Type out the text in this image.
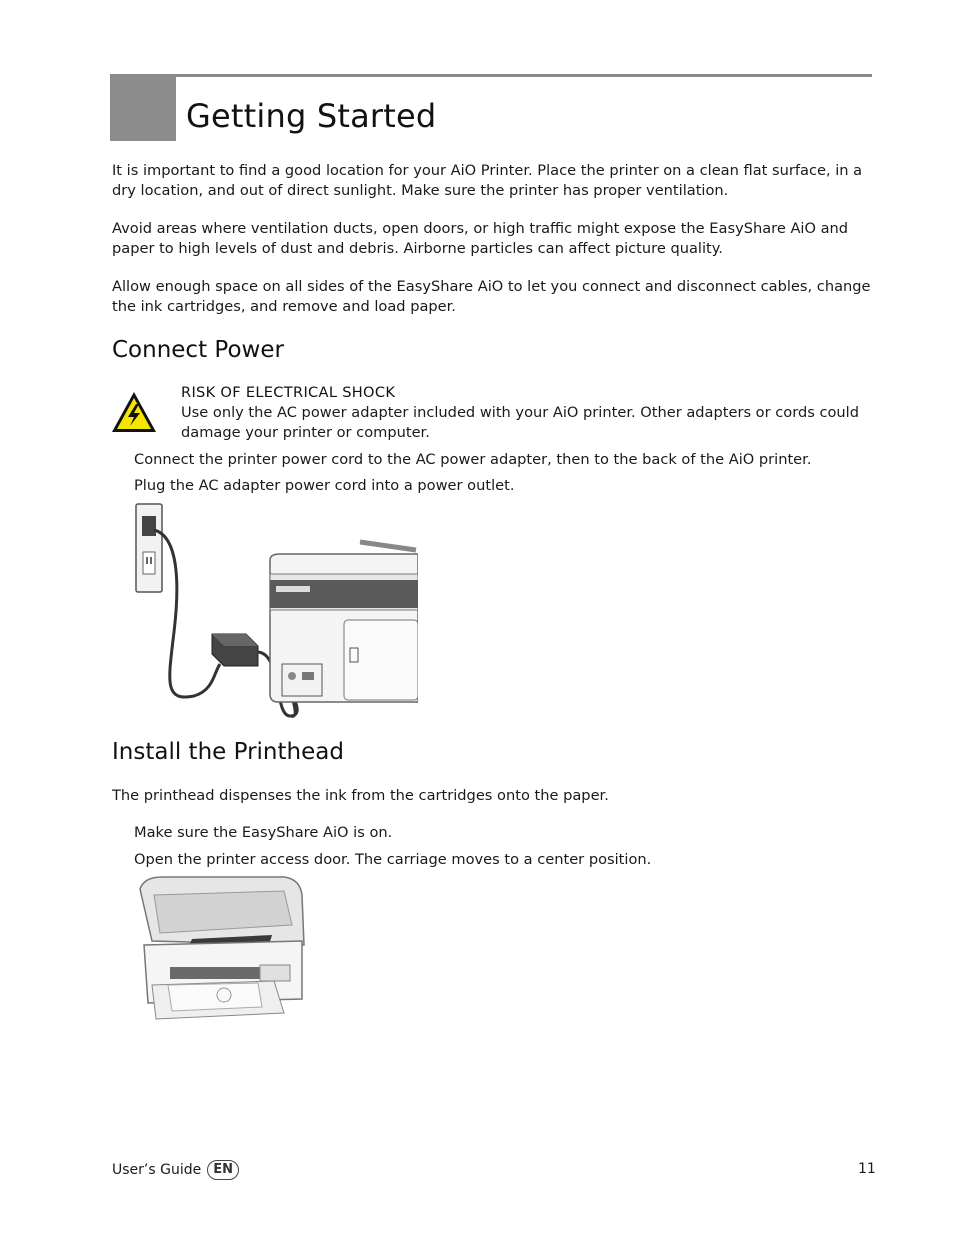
Getting Started
It is important to find a good location for your AiO Printer. Place the printer on a clean flat surface, in a dry location, and out of direct sunlight. Make sure the printer has proper ventilation.
Avoid areas where ventilation ducts, open doors, or high traffic might expose the EasyShare AiO and paper to high levels of dust and debris. Airborne particles can affect picture quality.
Allow enough space on all sides of the EasyShare AiO to let you connect and disconnect cables, change the ink cartridges, and remove and load paper.
Connect Power
RISK OF ELECTRICAL SHOCK
Use only the AC power adapter included with your AiO printer. Other adapters or cords could damage your printer or computer.
Connect the printer power cord to the AC power adapter, then to the back of the AiO printer.
Plug the AC adapter power cord into a power outlet.
Install the Printhead
The printhead dispenses the ink from the cartridges onto the paper.
Make sure the EasyShare AiO is on.
Open the printer access door. The carriage moves to a center position.
User’s Guide EN	11
